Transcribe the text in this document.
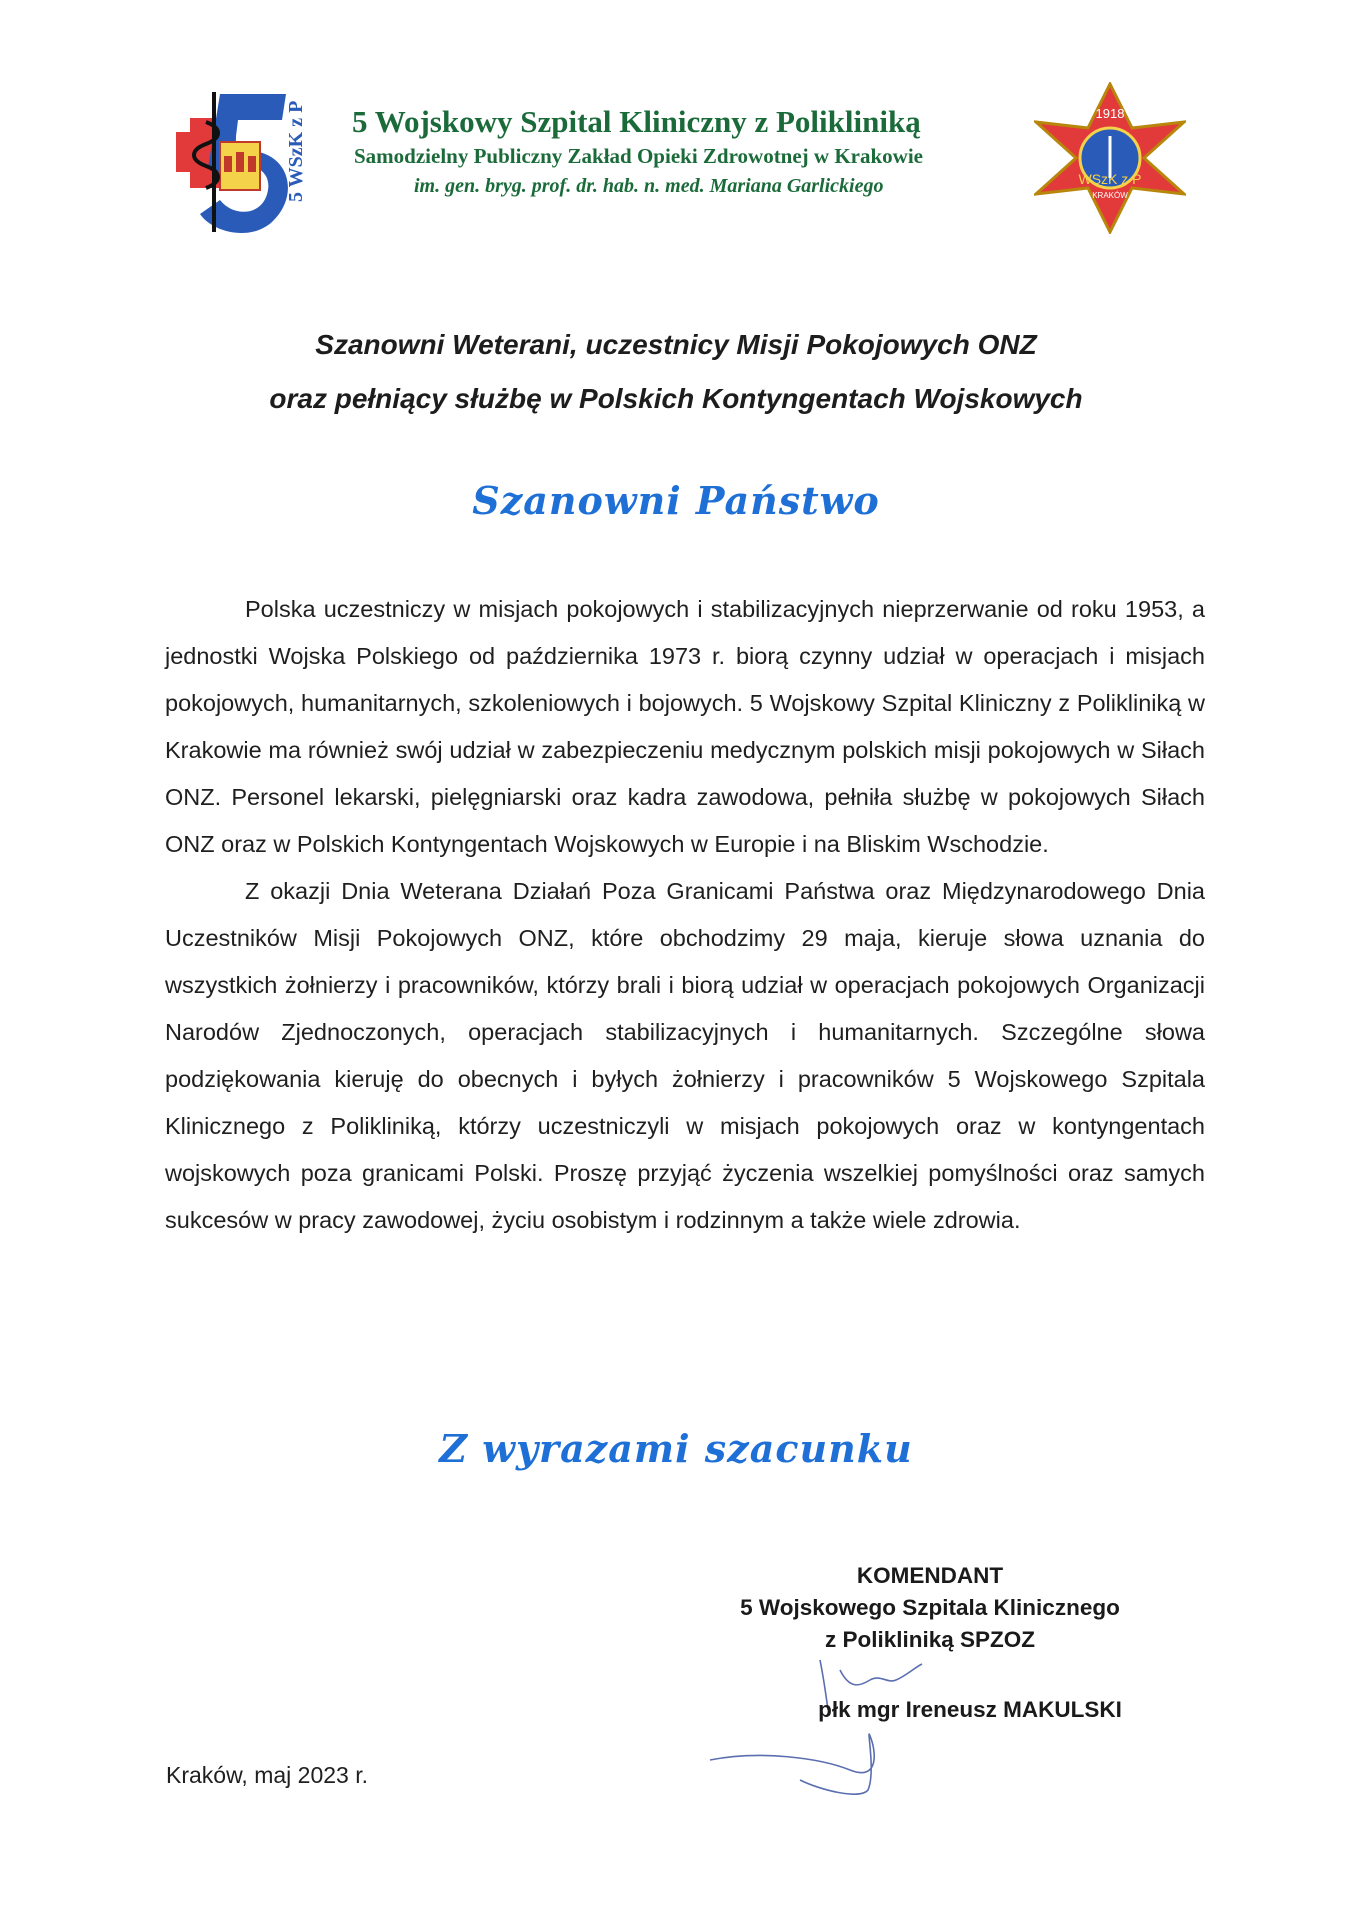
5 WSzK z P 5 Wojskowy Szpital Kliniczny z Polikliniką
Samodzielny Publiczny Zakład Opieki Zdrowotnej w Krakowie
im. gen. bryg. prof. dr. hab. n. med. Mariana Garlickiego
1918
WSzK z P
KRAKÓW
Szanowni Weterani, uczestnicy Misji Pokojowych ONZ
oraz pełniący służbę w Polskich Kontyngentach Wojskowych
Szanowni Państwo

Polska uczestniczy w misjach pokojowych i stabilizacyjnych nieprzerwanie od roku 1953, a jednostki Wojska Polskiego od października 1973 r. biorą czynny udział w operacjach i misjach pokojowych, humanitarnych, szkoleniowych i bojowych. 5 Wojskowy Szpital Kliniczny z Polikliniką w Krakowie ma również swój udział w zabezpieczeniu medycznym polskich misji pokojowych w Siłach ONZ. Personel lekarski, pielęgniarski oraz kadra zawodowa, pełniła służbę w pokojowych Siłach ONZ oraz w Polskich Kontyngentach Wojskowych w Europie i na Bliskim Wschodzie.

Z okazji Dnia Weterana Działań Poza Granicami Państwa oraz Międzynarodowego Dnia Uczestników Misji Pokojowych ONZ, które obchodzimy 29 maja, kieruje słowa uznania do wszystkich żołnierzy i pracowników, którzy brali i biorą udział w operacjach pokojowych Organizacji Narodów Zjednoczonych, operacjach stabilizacyjnych i humanitarnych. Szczególne słowa podziękowania kieruję do obecnych i byłych żołnierzy i pracowników 5 Wojskowego Szpitala Klinicznego z Polikliniką, którzy uczestniczyli w misjach pokojowych oraz w kontyngentach wojskowych poza granicami Polski. Proszę przyjąć życzenia wszelkiej pomyślności oraz samych sukcesów w pracy zawodowej, życiu osobistym i rodzinnym a także wiele zdrowia.

Z wyrazami szacunku
KOMENDANT
5 Wojskowego Szpitala Klinicznego
z Polikliniką SPZOZ
płk mgr Ireneusz MAKULSKI
Kraków, maj 2023 r.
